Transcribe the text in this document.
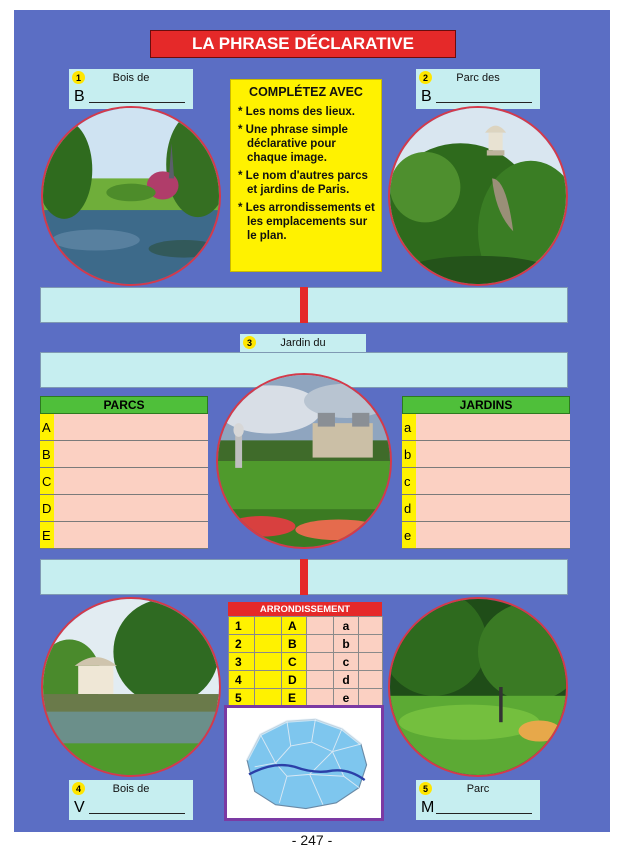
LA PHRASE DÉCLARATIVE
COMPLÉTEZ AVEC
* Les noms des lieux.
* Une phrase simple déclarative pour chaque image.
* Le nom d'autres parcs et jardins de Paris.
* Les arrondissements et les emplacements sur le plan.
1	Bois de
B
2	Parc des
B
3	Jardin du
PARCS
A
B
C
D
E
JARDINS
a
b
c
d
e
ARRONDISSEMENT
1		A		a	
2		B		b	
3		C		c	
4		D		d	
5		E		e	
4	Bois de
V
5	Parc
M
- 247 -
